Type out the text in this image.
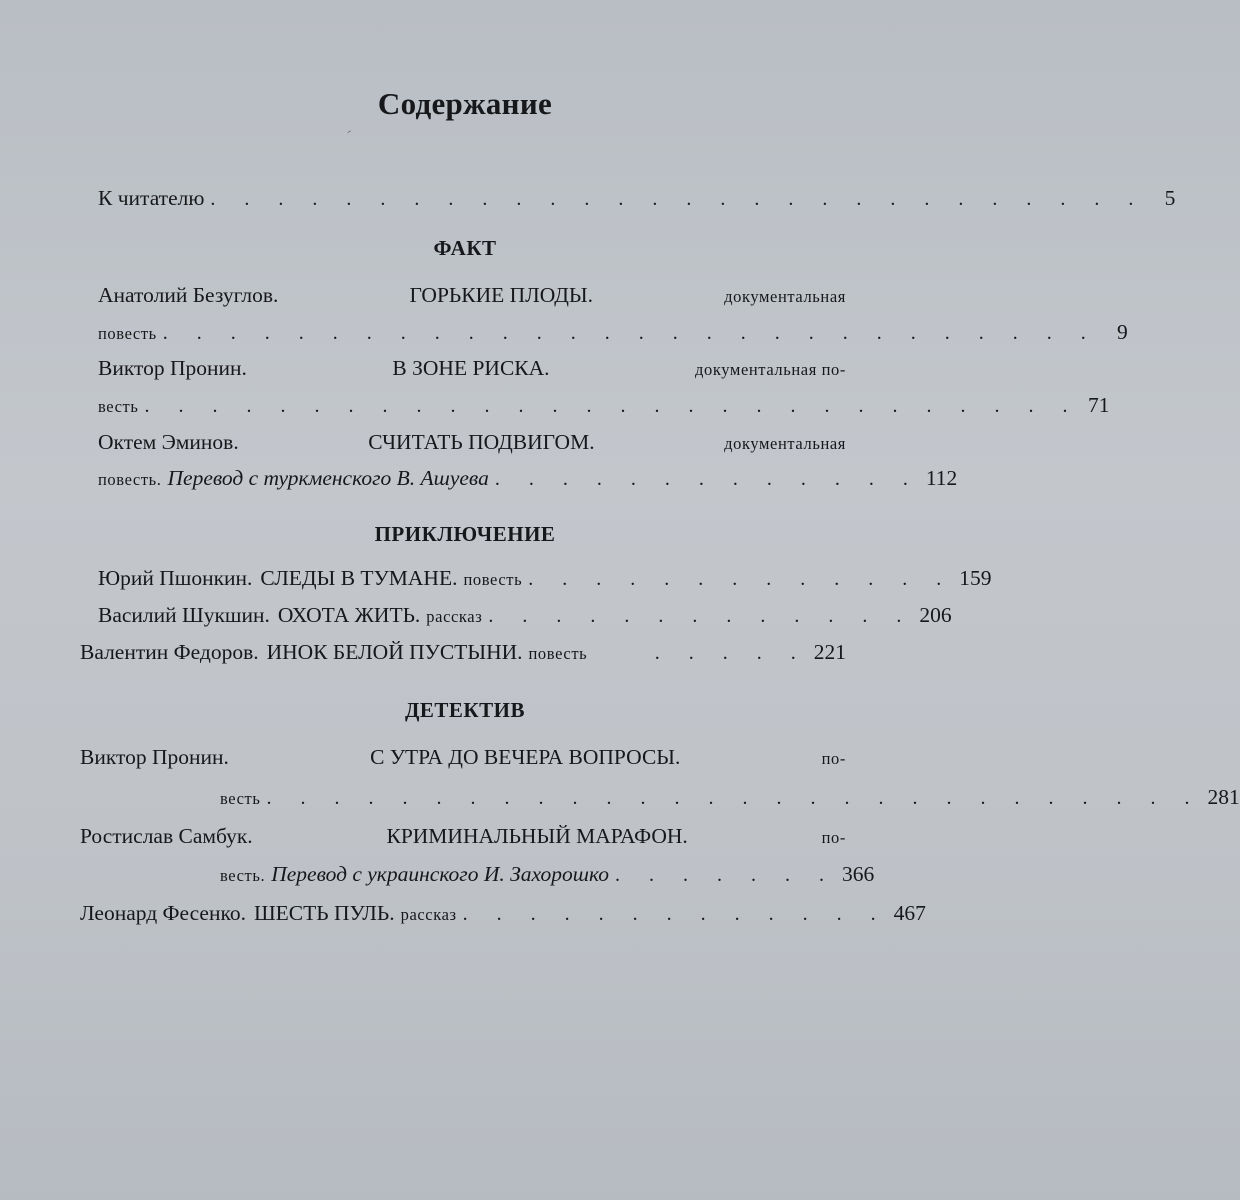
Содержание
˗
К читателю . . . . . . . . . . . . . . . . . . . . . . . . . . . . 5
ФАКТ
Анатолий Безуглов.	ГОРЬКИЕ ПЛОДЫ.	документальная
повесть . . . . . . . . . . . . . . . . . . . . . . . . . . . . 9
Виктор Пронин.	В ЗОНЕ РИСКА.	документальная по-
весть . . . . . . . . . . . . . . . . . . . . . . . . . . . . 71
Октем Эминов.	СЧИТАТЬ ПОДВИГОМ.	документальная
повесть. Перевод с туркменского В. Ашуева . . . . . . . . . . . . . 112
ПРИКЛЮЧЕНИЕ
Юрий Пшонкин. СЛЕДЫ В ТУМАНЕ. повесть . . . . . . . . . . . . . 159
Василий Шукшин. ОХОТА ЖИТЬ. рассказ . . . . . . . . . . . . . 206
Валентин Федоров. ИНОК БЕЛОЙ ПУСТЫНИ. повесть	. . . . . 221
ДЕТЕКТИВ
Виктор Пронин.	С УТРА ДО ВЕЧЕРА ВОПРОСЫ.	по-
весть . . . . . . . . . . . . . . . . . . . . . . . . . . . . 281
Ростислав Самбук.	КРИМИНАЛЬНЫЙ МАРАФОН.	по-
весть. Перевод с украинского И. Захорошко . . . . . . . 366
Леонард Фесенко. ШЕСТЬ ПУЛЬ. рассказ . . . . . . . . . . . . . 467
